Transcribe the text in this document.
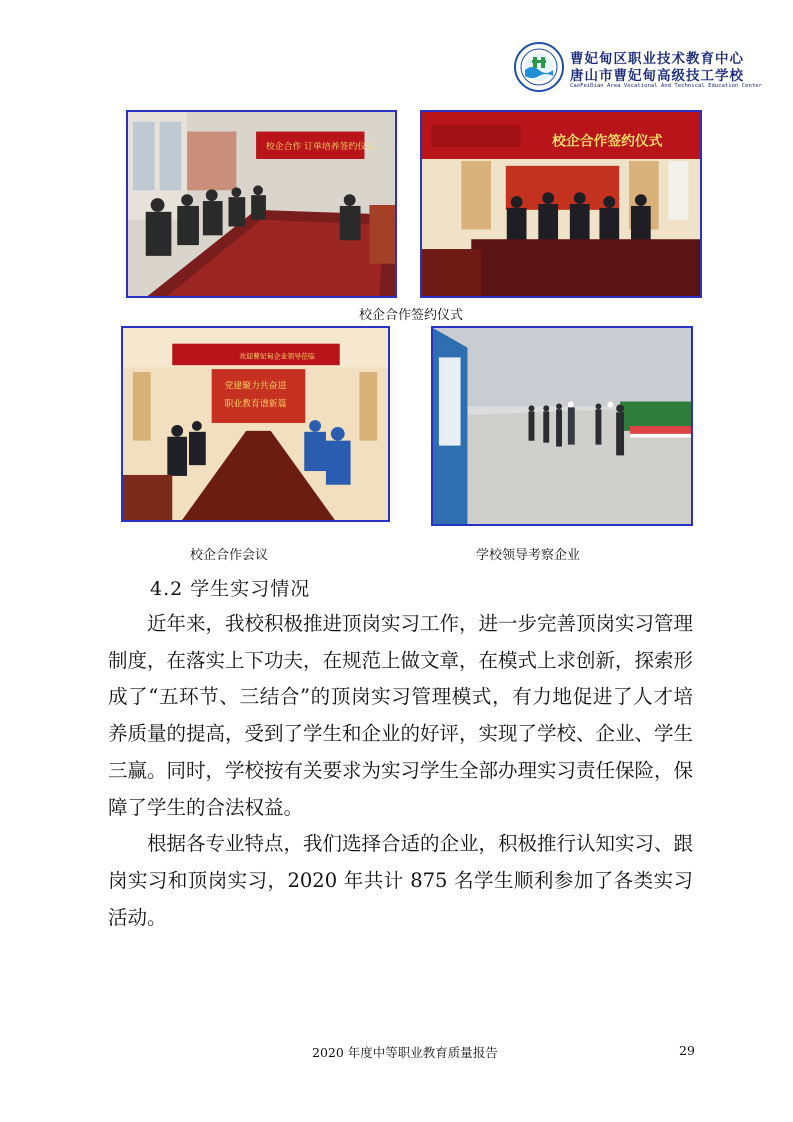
曹妃甸区职业技术教育中心
唐山市曹妃甸高级技工学校
CaoFeiDian Area Vocational And Technical Education Center
校企合作 订单培养签约仪式	校企合作签约仪式
欢迎曹妃甸企业领导莅临
党建聚力共奋进
职业教育谱新篇
校企合作签约仪式
校企合作会议	学校领导考察企业
4.2 学生实习情况

近年来，我校积极推进顶岗实习工作，进一步完善顶岗实习管理制度，在落实上下功夫，在规范上做文章，在模式上求创新，探索形成了“五环节、三结合”的顶岗实习管理模式，有力地促进了人才培养质量的提高，受到了学生和企业的好评，实现了学校、企业、学生三赢。同时，学校按有关要求为实习学生全部办理实习责任保险，保障了学生的合法权益。

根据各专业特点，我们选择合适的企业，积极推行认知实习、跟岗实习和顶岗实习，2020 年共计 875 名学生顺利参加了各类实习活动。

2020 年度中等职业教育质量报告	29
